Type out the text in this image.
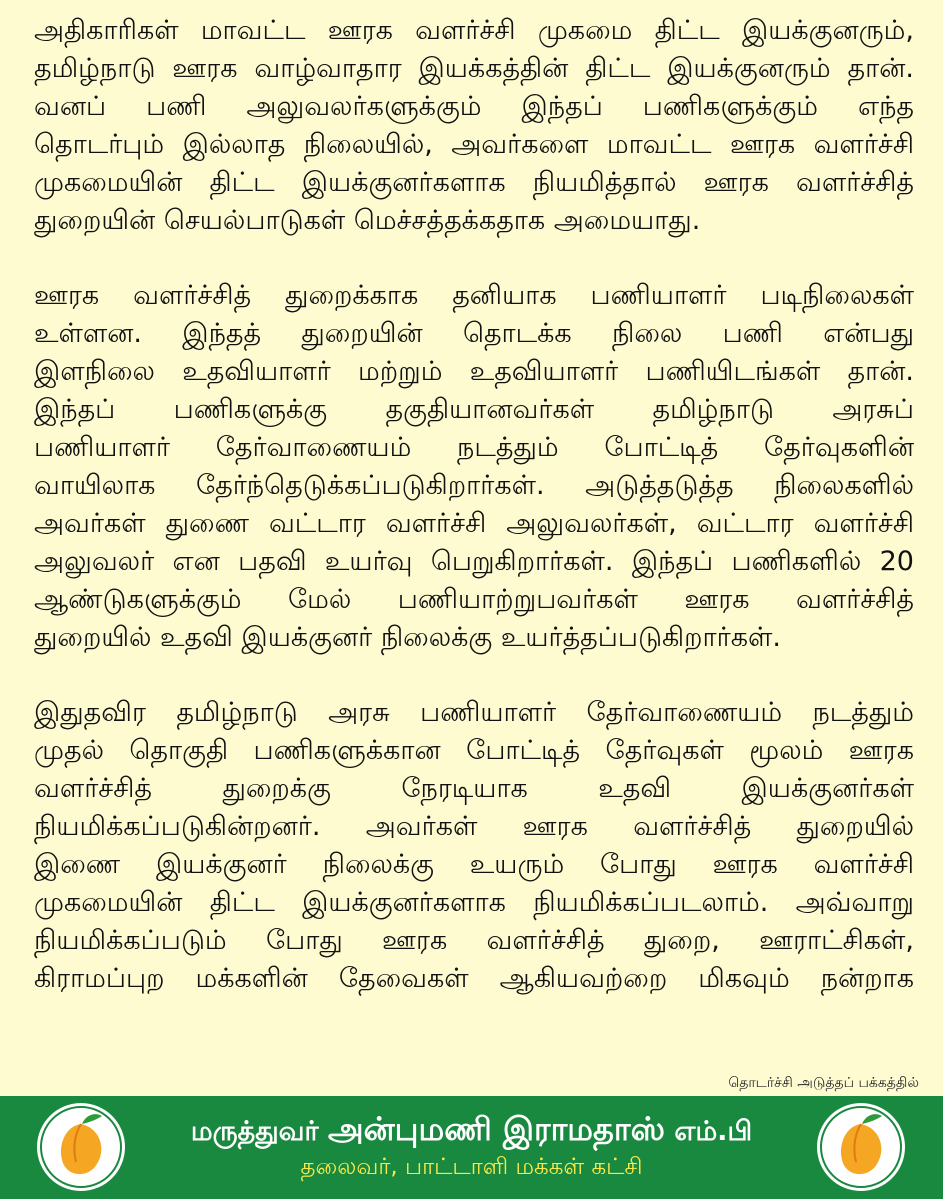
அதிகாரிகள் மாவட்ட ஊரக வளர்ச்சி முகமை திட்ட இயக்குனரும்,
தமிழ்நாடு ஊரக வாழ்வாதார இயக்கத்தின் திட்ட இயக்குனரும் தான்.
வனப் பணி அலுவலர்களுக்கும் இந்தப் பணிகளுக்கும் எந்த
தொடர்பும் இல்லாத நிலையில், அவர்களை மாவட்ட ஊரக வளர்ச்சி
முகமையின் திட்ட இயக்குனர்களாக நியமித்தால் ஊரக வளர்ச்சித்
துறையின் செயல்பாடுகள் மெச்சத்தக்கதாக அமையாது.
ஊரக வளர்ச்சித் துறைக்காக தனியாக பணியாளர் படிநிலைகள்
உள்ளன. இந்தத் துறையின் தொடக்க நிலை பணி என்பது
இளநிலை உதவியாளர் மற்றும் உதவியாளர் பணியிடங்கள் தான்.
இந்தப் பணிகளுக்கு தகுதியானவர்கள் தமிழ்நாடு அரசுப்
பணியாளர் தேர்வாணையம் நடத்தும் போட்டித் தேர்வுகளின்
வாயிலாக தேர்ந்தெடுக்கப்படுகிறார்கள். அடுத்தடுத்த நிலைகளில்
அவர்கள் துணை வட்டார வளர்ச்சி அலுவலர்கள், வட்டார வளர்ச்சி
அலுவலர் என பதவி உயர்வு பெறுகிறார்கள். இந்தப் பணிகளில் 20
ஆண்டுகளுக்கும் மேல் பணியாற்றுபவர்கள் ஊரக வளர்ச்சித்
துறையில் உதவி இயக்குனர் நிலைக்கு உயர்த்தப்படுகிறார்கள்.
இதுதவிர தமிழ்நாடு அரசு பணியாளர் தேர்வாணையம் நடத்தும்
முதல் தொகுதி பணிகளுக்கான போட்டித் தேர்வுகள் மூலம் ஊரக
வளர்ச்சித் துறைக்கு நேரடியாக உதவி இயக்குனர்கள்
நியமிக்கப்படுகின்றனர். அவர்கள் ஊரக வளர்ச்சித் துறையில்
இணை இயக்குனர் நிலைக்கு உயரும் போது ஊரக வளர்ச்சி
முகமையின் திட்ட இயக்குனர்களாக நியமிக்கப்படலாம். அவ்வாறு
நியமிக்கப்படும் போது ஊரக வளர்ச்சித் துறை, ஊராட்சிகள்,
கிராமப்புற மக்களின் தேவைகள் ஆகியவற்றை மிகவும் நன்றாக
தொடர்ச்சி அடுத்தப் பக்கத்தில்
மருத்துவர் அன்புமணி இராமதாஸ் எம்.பி
தலைவர், பாட்டாளி மக்கள் கட்சி
